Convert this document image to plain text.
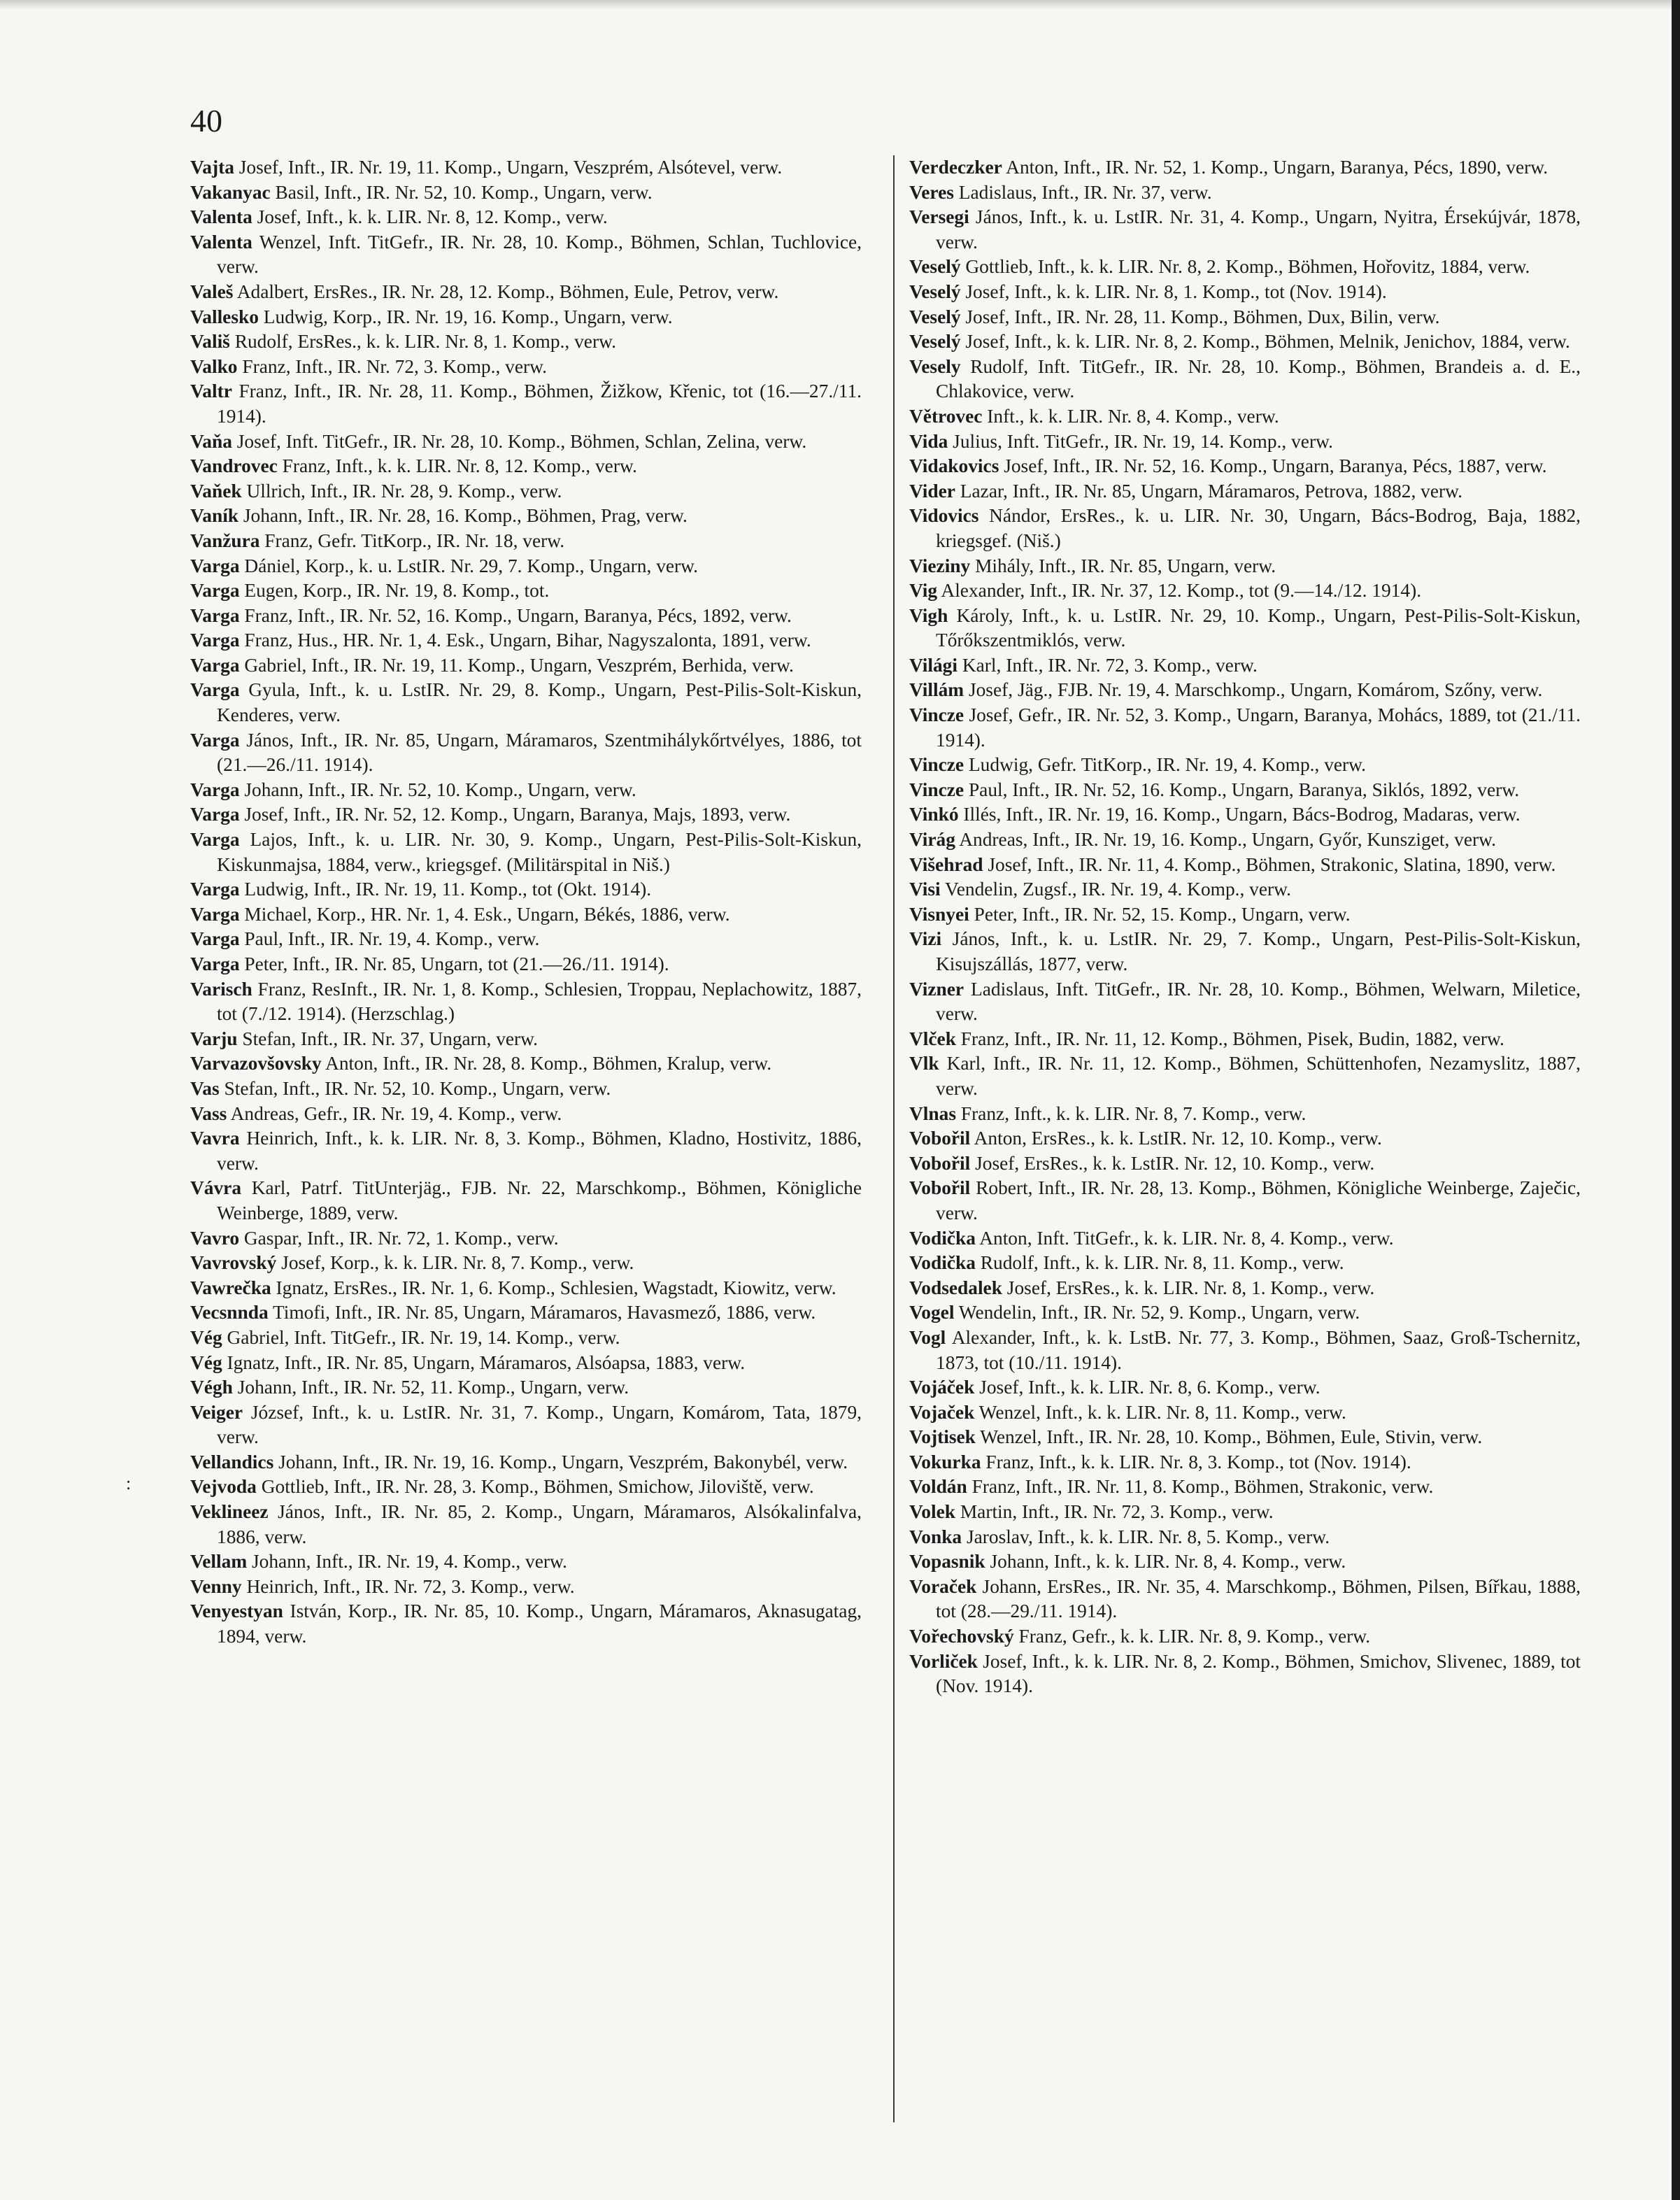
40
:

Vajta Josef, Inft., IR. Nr. 19, 11. Komp., Ungarn, Veszprém, Alsótevel, verw.

Vakanyac Basil, Inft., IR. Nr. 52, 10. Komp., Ungarn, verw.

Valenta Josef, Inft., k. k. LIR. Nr. 8, 12. Komp., verw.

Valenta Wenzel, Inft. TitGefr., IR. Nr. 28, 10. Komp., Böhmen, Schlan, Tuchlovice, verw.

Valeš Adalbert, ErsRes., IR. Nr. 28, 12. Komp., Böhmen, Eule, Petrov, verw.

Vallesko Ludwig, Korp., IR. Nr. 19, 16. Komp., Ungarn, verw.

Vališ Rudolf, ErsRes., k. k. LIR. Nr. 8, 1. Komp., verw.

Valko Franz, Inft., IR. Nr. 72, 3. Komp., verw.

Valtr Franz, Inft., IR. Nr. 28, 11. Komp., Böhmen, Žižkow, Křenic, tot (16.—27./11. 1914).

Vaňa Josef, Inft. TitGefr., IR. Nr. 28, 10. Komp., Böhmen, Schlan, Zelina, verw.

Vandrovec Franz, Inft., k. k. LIR. Nr. 8, 12. Komp., verw.

Vaňek Ullrich, Inft., IR. Nr. 28, 9. Komp., verw.

Vaník Johann, Inft., IR. Nr. 28, 16. Komp., Böhmen, Prag, verw.

Vanžura Franz, Gefr. TitKorp., IR. Nr. 18, verw.

Varga Dániel, Korp., k. u. LstIR. Nr. 29, 7. Komp., Ungarn, verw.

Varga Eugen, Korp., IR. Nr. 19, 8. Komp., tot.

Varga Franz, Inft., IR. Nr. 52, 16. Komp., Ungarn, Baranya, Pécs, 1892, verw.

Varga Franz, Hus., HR. Nr. 1, 4. Esk., Ungarn, Bihar, Nagyszalonta, 1891, verw.

Varga Gabriel, Inft., IR. Nr. 19, 11. Komp., Ungarn, Veszprém, Berhida, verw.

Varga Gyula, Inft., k. u. LstIR. Nr. 29, 8. Komp., Ungarn, Pest-Pilis-Solt-Kiskun, Kenderes, verw.

Varga János, Inft., IR. Nr. 85, Ungarn, Máramaros, Szentmihálykőrtvélyes, 1886, tot (21.—26./11. 1914).

Varga Johann, Inft., IR. Nr. 52, 10. Komp., Ungarn, verw.

Varga Josef, Inft., IR. Nr. 52, 12. Komp., Ungarn, Baranya, Majs, 1893, verw.

Varga Lajos, Inft., k. u. LIR. Nr. 30, 9. Komp., Ungarn, Pest-Pilis-Solt-Kiskun, Kiskunmajsa, 1884, verw., kriegsgef. (Militärspital in Niš.)

Varga Ludwig, Inft., IR. Nr. 19, 11. Komp., tot (Okt. 1914).

Varga Michael, Korp., HR. Nr. 1, 4. Esk., Ungarn, Békés, 1886, verw.

Varga Paul, Inft., IR. Nr. 19, 4. Komp., verw.

Varga Peter, Inft., IR. Nr. 85, Ungarn, tot (21.—26./11. 1914).

Varisch Franz, ResInft., IR. Nr. 1, 8. Komp., Schlesien, Troppau, Neplachowitz, 1887, tot (7./12. 1914). (Herzschlag.)

Varju Stefan, Inft., IR. Nr. 37, Ungarn, verw.

Varvazovšovsky Anton, Inft., IR. Nr. 28, 8. Komp., Böhmen, Kralup, verw.

Vas Stefan, Inft., IR. Nr. 52, 10. Komp., Ungarn, verw.

Vass Andreas, Gefr., IR. Nr. 19, 4. Komp., verw.

Vavra Heinrich, Inft., k. k. LIR. Nr. 8, 3. Komp., Böhmen, Kladno, Hostivitz, 1886, verw.

Vávra Karl, Patrf. TitUnterjäg., FJB. Nr. 22, Marschkomp., Böhmen, Königliche Weinberge, 1889, verw.

Vavro Gaspar, Inft., IR. Nr. 72, 1. Komp., verw.

Vavrovský Josef, Korp., k. k. LIR. Nr. 8, 7. Komp., verw.

Vawrečka Ignatz, ErsRes., IR. Nr. 1, 6. Komp., Schlesien, Wagstadt, Kiowitz, verw.

Vecsnnda Timofi, Inft., IR. Nr. 85, Ungarn, Máramaros, Havasmező, 1886, verw.

Vég Gabriel, Inft. TitGefr., IR. Nr. 19, 14. Komp., verw.

Vég Ignatz, Inft., IR. Nr. 85, Ungarn, Máramaros, Alsóapsa, 1883, verw.

Végh Johann, Inft., IR. Nr. 52, 11. Komp., Ungarn, verw.

Veiger József, Inft., k. u. LstIR. Nr. 31, 7. Komp., Ungarn, Komárom, Tata, 1879, verw.

Vellandics Johann, Inft., IR. Nr. 19, 16. Komp., Ungarn, Veszprém, Bakonybél, verw.

Vejvoda Gottlieb, Inft., IR. Nr. 28, 3. Komp., Böhmen, Smichow, Jiloviště, verw.

Veklineez János, Inft., IR. Nr. 85, 2. Komp., Ungarn, Máramaros, Alsókalinfalva, 1886, verw.

Vellam Johann, Inft., IR. Nr. 19, 4. Komp., verw.

Venny Heinrich, Inft., IR. Nr. 72, 3. Komp., verw.

Venyestyan István, Korp., IR. Nr. 85, 10. Komp., Ungarn, Máramaros, Aknasugatag, 1894, verw.

Verdeczker Anton, Inft., IR. Nr. 52, 1. Komp., Ungarn, Baranya, Pécs, 1890, verw.

Veres Ladislaus, Inft., IR. Nr. 37, verw.

Versegi János, Inft., k. u. LstIR. Nr. 31, 4. Komp., Ungarn, Nyitra, Érsekújvár, 1878, verw.

Veselý Gottlieb, Inft., k. k. LIR. Nr. 8, 2. Komp., Böhmen, Hořovitz, 1884, verw.

Veselý Josef, Inft., k. k. LIR. Nr. 8, 1. Komp., tot (Nov. 1914).

Veselý Josef, Inft., IR. Nr. 28, 11. Komp., Böhmen, Dux, Bilin, verw.

Veselý Josef, Inft., k. k. LIR. Nr. 8, 2. Komp., Böhmen, Melnik, Jenichov, 1884, verw.

Vesely Rudolf, Inft. TitGefr., IR. Nr. 28, 10. Komp., Böhmen, Brandeis a. d. E., Chlakovice, verw.

Větrovec Inft., k. k. LIR. Nr. 8, 4. Komp., verw.

Vida Julius, Inft. TitGefr., IR. Nr. 19, 14. Komp., verw.

Vidakovics Josef, Inft., IR. Nr. 52, 16. Komp., Ungarn, Baranya, Pécs, 1887, verw.

Vider Lazar, Inft., IR. Nr. 85, Ungarn, Máramaros, Petrova, 1882, verw.

Vidovics Nándor, ErsRes., k. u. LIR. Nr. 30, Ungarn, Bács-Bodrog, Baja, 1882, kriegsgef. (Niš.)

Vieziny Mihály, Inft., IR. Nr. 85, Ungarn, verw.

Vig Alexander, Inft., IR. Nr. 37, 12. Komp., tot (9.—14./12. 1914).

Vigh Károly, Inft., k. u. LstIR. Nr. 29, 10. Komp., Ungarn, Pest-Pilis-Solt-Kiskun, Tőrőkszentmiklós, verw.

Világi Karl, Inft., IR. Nr. 72, 3. Komp., verw.

Villám Josef, Jäg., FJB. Nr. 19, 4. Marschkomp., Ungarn, Komárom, Szőny, verw.

Vincze Josef, Gefr., IR. Nr. 52, 3. Komp., Ungarn, Baranya, Mohács, 1889, tot (21./11. 1914).

Vincze Ludwig, Gefr. TitKorp., IR. Nr. 19, 4. Komp., verw.

Vincze Paul, Inft., IR. Nr. 52, 16. Komp., Ungarn, Baranya, Siklós, 1892, verw.

Vinkó Illés, Inft., IR. Nr. 19, 16. Komp., Ungarn, Bács-Bodrog, Madaras, verw.

Virág Andreas, Inft., IR. Nr. 19, 16. Komp., Ungarn, Győr, Kunsziget, verw.

Višehrad Josef, Inft., IR. Nr. 11, 4. Komp., Böhmen, Strakonic, Slatina, 1890, verw.

Visi Vendelin, Zugsf., IR. Nr. 19, 4. Komp., verw.

Visnyei Peter, Inft., IR. Nr. 52, 15. Komp., Ungarn, verw.

Vizi János, Inft., k. u. LstIR. Nr. 29, 7. Komp., Ungarn, Pest-Pilis-Solt-Kiskun, Kisujszállás, 1877, verw.

Vizner Ladislaus, Inft. TitGefr., IR. Nr. 28, 10. Komp., Böhmen, Welwarn, Miletice, verw.

Vlček Franz, Inft., IR. Nr. 11, 12. Komp., Böhmen, Pisek, Budin, 1882, verw.

Vlk Karl, Inft., IR. Nr. 11, 12. Komp., Böhmen, Schüttenhofen, Nezamyslitz, 1887, verw.

Vlnas Franz, Inft., k. k. LIR. Nr. 8, 7. Komp., verw.

Vobořil Anton, ErsRes., k. k. LstIR. Nr. 12, 10. Komp., verw.

Vobořil Josef, ErsRes., k. k. LstIR. Nr. 12, 10. Komp., verw.

Vobořil Robert, Inft., IR. Nr. 28, 13. Komp., Böhmen, Königliche Weinberge, Zaječic, verw.

Vodička Anton, Inft. TitGefr., k. k. LIR. Nr. 8, 4. Komp., verw.

Vodička Rudolf, Inft., k. k. LIR. Nr. 8, 11. Komp., verw.

Vodsedalek Josef, ErsRes., k. k. LIR. Nr. 8, 1. Komp., verw.

Vogel Wendelin, Inft., IR. Nr. 52, 9. Komp., Ungarn, verw.

Vogl Alexander, Inft., k. k. LstB. Nr. 77, 3. Komp., Böhmen, Saaz, Groß-Tschernitz, 1873, tot (10./11. 1914).

Vojáček Josef, Inft., k. k. LIR. Nr. 8, 6. Komp., verw.

Vojaček Wenzel, Inft., k. k. LIR. Nr. 8, 11. Komp., verw.

Vojtisek Wenzel, Inft., IR. Nr. 28, 10. Komp., Böhmen, Eule, Stivin, verw.

Vokurka Franz, Inft., k. k. LIR. Nr. 8, 3. Komp., tot (Nov. 1914).

Voldán Franz, Inft., IR. Nr. 11, 8. Komp., Böhmen, Strakonic, verw.

Volek Martin, Inft., IR. Nr. 72, 3. Komp., verw.

Vonka Jaroslav, Inft., k. k. LIR. Nr. 8, 5. Komp., verw.

Vopasnik Johann, Inft., k. k. LIR. Nr. 8, 4. Komp., verw.

Voraček Johann, ErsRes., IR. Nr. 35, 4. Marschkomp., Böhmen, Pilsen, Bířkau, 1888, tot (28.—29./11. 1914).

Vořechovský Franz, Gefr., k. k. LIR. Nr. 8, 9. Komp., verw.

Vorliček Josef, Inft., k. k. LIR. Nr. 8, 2. Komp., Böhmen, Smichov, Slivenec, 1889, tot (Nov. 1914).
